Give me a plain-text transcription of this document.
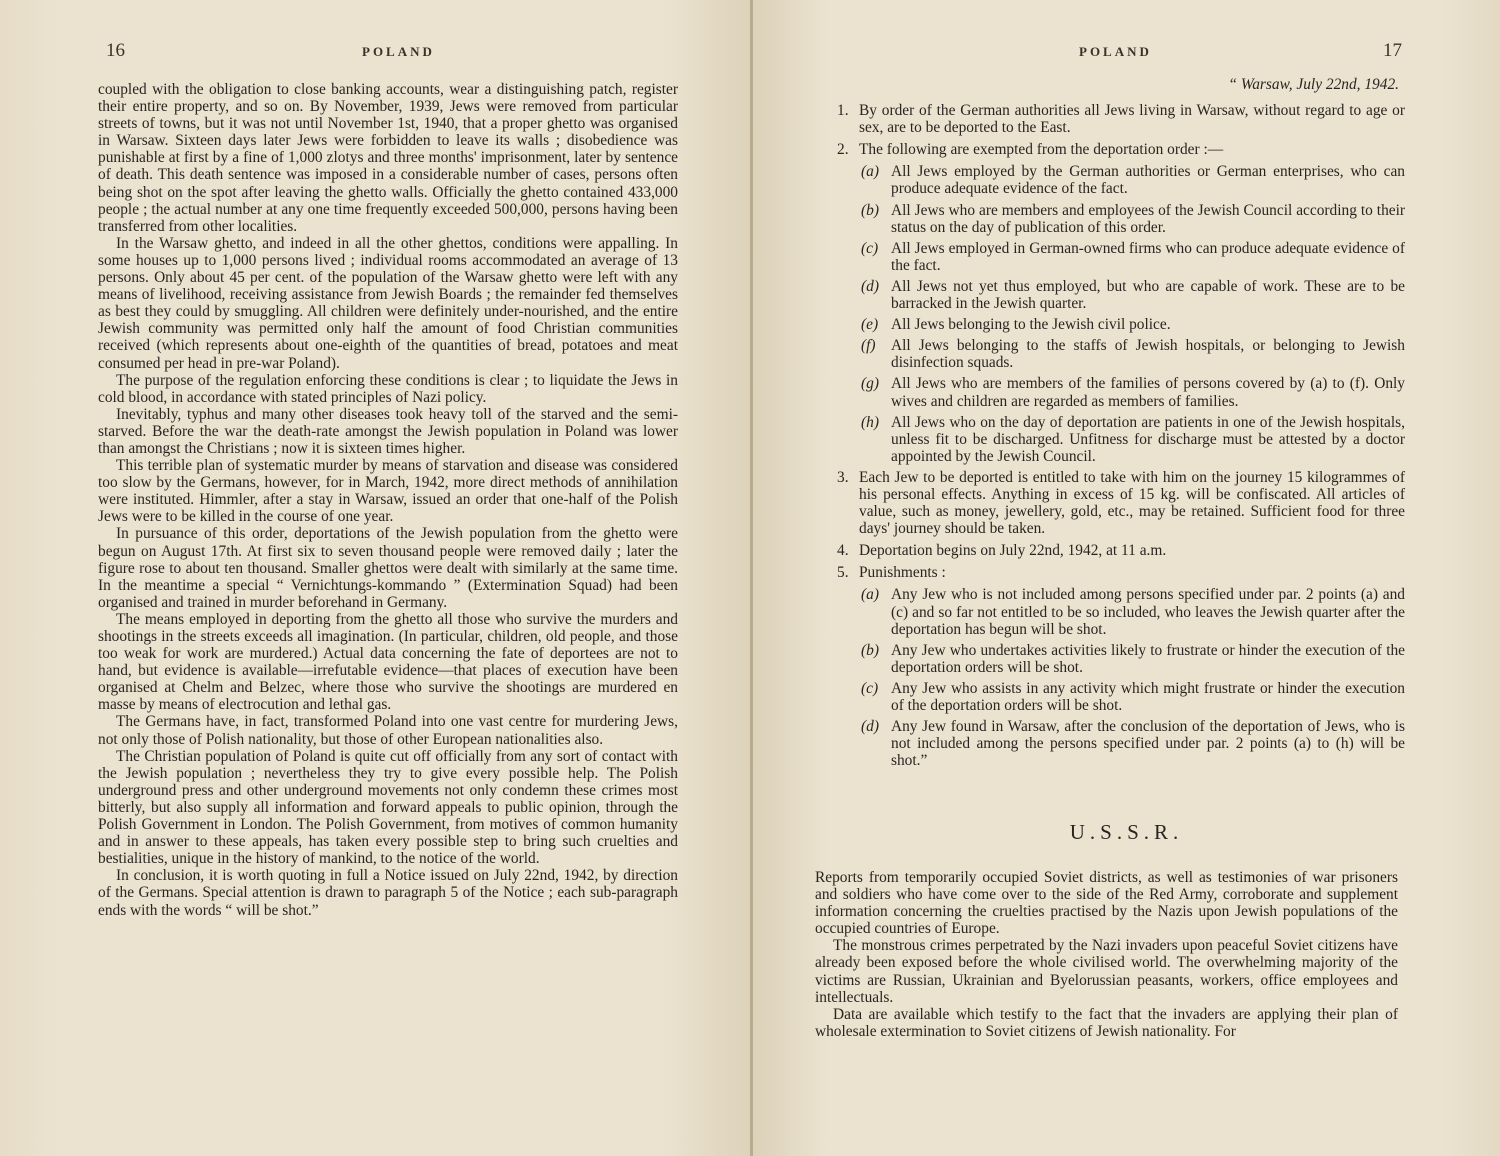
16	POLAND

coupled with the obligation to close banking accounts, wear a distinguishing patch, register their entire property, and so on. By November, 1939, Jews were removed from particular streets of towns, but it was not until November 1st, 1940, that a proper ghetto was organised in Warsaw. Sixteen days later Jews were forbidden to leave its walls ; disobedience was punishable at first by a fine of 1,000 zlotys and three months' imprisonment, later by sentence of death. This death sentence was imposed in a considerable number of cases, persons often being shot on the spot after leaving the ghetto walls. Officially the ghetto contained 433,000 people ; the actual number at any one time frequently exceeded 500,000, persons having been transferred from other localities.

In the Warsaw ghetto, and indeed in all the other ghettos, conditions were appalling. In some houses up to 1,000 persons lived ; individual rooms accommodated an average of 13 persons. Only about 45 per cent. of the population of the Warsaw ghetto were left with any means of livelihood, receiving assistance from Jewish Boards ; the remainder fed themselves as best they could by smuggling. All children were definitely under-nourished, and the entire Jewish community was permitted only half the amount of food Christian communities received (which represents about one-eighth of the quantities of bread, potatoes and meat consumed per head in pre-war Poland).

The purpose of the regulation enforcing these conditions is clear ; to liquidate the Jews in cold blood, in accordance with stated principles of Nazi policy.

Inevitably, typhus and many other diseases took heavy toll of the starved and the semi-starved. Before the war the death-rate amongst the Jewish population in Poland was lower than amongst the Christians ; now it is sixteen times higher.

This terrible plan of systematic murder by means of starvation and disease was considered too slow by the Germans, however, for in March, 1942, more direct methods of annihilation were instituted. Himmler, after a stay in Warsaw, issued an order that one-half of the Polish Jews were to be killed in the course of one year.

In pursuance of this order, deportations of the Jewish population from the ghetto were begun on August 17th. At first six to seven thousand people were removed daily ; later the figure rose to about ten thousand. Smaller ghettos were dealt with similarly at the same time. In the meantime a special “ Vernichtungs-kommando ” (Extermination Squad) had been organised and trained in murder beforehand in Germany.

The means employed in deporting from the ghetto all those who survive the murders and shootings in the streets exceeds all imagination. (In particular, children, old people, and those too weak for work are murdered.) Actual data concerning the fate of deportees are not to hand, but evidence is available—irrefutable evidence—that places of execution have been organised at Chelm and Belzec, where those who survive the shootings are murdered en masse by means of electrocution and lethal gas.

The Germans have, in fact, transformed Poland into one vast centre for murdering Jews, not only those of Polish nationality, but those of other European nationalities also.

The Christian population of Poland is quite cut off officially from any sort of contact with the Jewish population ; nevertheless they try to give every possible help. The Polish underground press and other underground movements not only condemn these crimes most bitterly, but also supply all information and forward appeals to public opinion, through the Polish Government in London. The Polish Government, from motives of common humanity and in answer to these appeals, has taken every possible step to bring such cruelties and bestialities, unique in the history of mankind, to the notice of the world.

In conclusion, it is worth quoting in full a Notice issued on July 22nd, 1942, by direction of the Germans. Special attention is drawn to paragraph 5 of the Notice ; each sub-paragraph ends with the words “ will be shot.”

POLAND	17
“ Warsaw, July 22nd, 1942.
1. By order of the German authorities all Jews living in Warsaw, without regard to age or sex, are to be deported to the East.
2. The following are exempted from the deportation order :—
(a) All Jews employed by the German authorities or German enterprises, who can produce adequate evidence of the fact.
(b) All Jews who are members and employees of the Jewish Council according to their status on the day of publication of this order.
(c) All Jews employed in German-owned firms who can produce adequate evidence of the fact.
(d) All Jews not yet thus employed, but who are capable of work. These are to be barracked in the Jewish quarter.
(e) All Jews belonging to the Jewish civil police.
(f) All Jews belonging to the staffs of Jewish hospitals, or belonging to Jewish disinfection squads.
(g) All Jews who are members of the families of persons covered by (a) to (f). Only wives and children are regarded as members of families.
(h) All Jews who on the day of deportation are patients in one of the Jewish hospitals, unless fit to be discharged. Unfitness for discharge must be attested by a doctor appointed by the Jewish Council.
3. Each Jew to be deported is entitled to take with him on the journey 15 kilogrammes of his personal effects. Anything in excess of 15 kg. will be confiscated. All articles of value, such as money, jewellery, gold, etc., may be retained. Sufficient food for three days' journey should be taken.
4. Deportation begins on July 22nd, 1942, at 11 a.m.
5. Punishments :
(a) Any Jew who is not included among persons specified under par. 2 points (a) and (c) and so far not entitled to be so included, who leaves the Jewish quarter after the deportation has begun will be shot.
(b) Any Jew who undertakes activities likely to frustrate or hinder the execution of the deportation orders will be shot.
(c) Any Jew who assists in any activity which might frustrate or hinder the execution of the deportation orders will be shot.
(d) Any Jew found in Warsaw, after the conclusion of the deportation of Jews, who is not included among the persons specified under par. 2 points (a) to (h) will be shot.”
U.S.S.R.

Reports from temporarily occupied Soviet districts, as well as testimonies of war prisoners and soldiers who have come over to the side of the Red Army, corroborate and supplement information concerning the cruelties practised by the Nazis upon Jewish populations of the occupied countries of Europe.

The monstrous crimes perpetrated by the Nazi invaders upon peaceful Soviet citizens have already been exposed before the whole civilised world. The overwhelming majority of the victims are Russian, Ukrainian and Byelorussian peasants, workers, office employees and intellectuals.

Data are available which testify to the fact that the invaders are applying their plan of wholesale extermination to Soviet citizens of Jewish nationality. For
